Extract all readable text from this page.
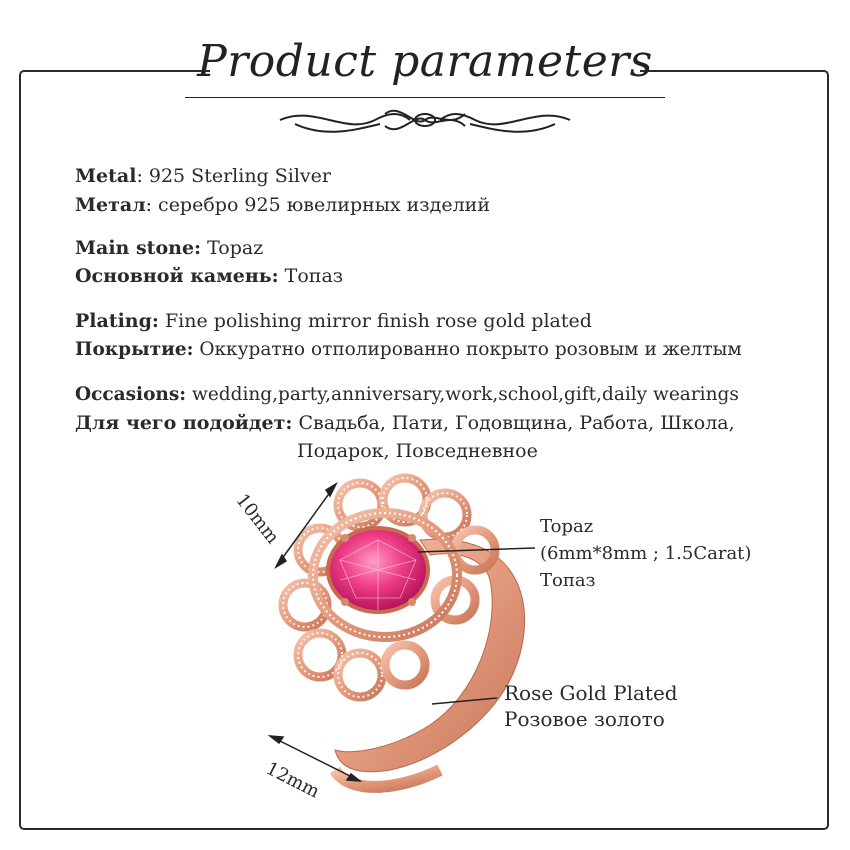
Product parameters
Metal: 925 Sterling Silver
Метал: серебро 925 ювелирных изделий
Main stone: Topaz
Основной камень: Топаз
Plating: Fine polishing mirror finish rose gold plated
Покрытие: Оккуратно отполированно покрыто розовым и желтым
Occasions: wedding,party,anniversary,work,school,gift,daily wearings
Для чего подойдет: Свадьба, Пати, Годовщина, Работа, Школа,
Подарок, Повседневное
10mm
12mm
Topaz
(6mm*8mm ; 1.5Carat)
Топаз
Rose Gold Plated
Розовое золото
